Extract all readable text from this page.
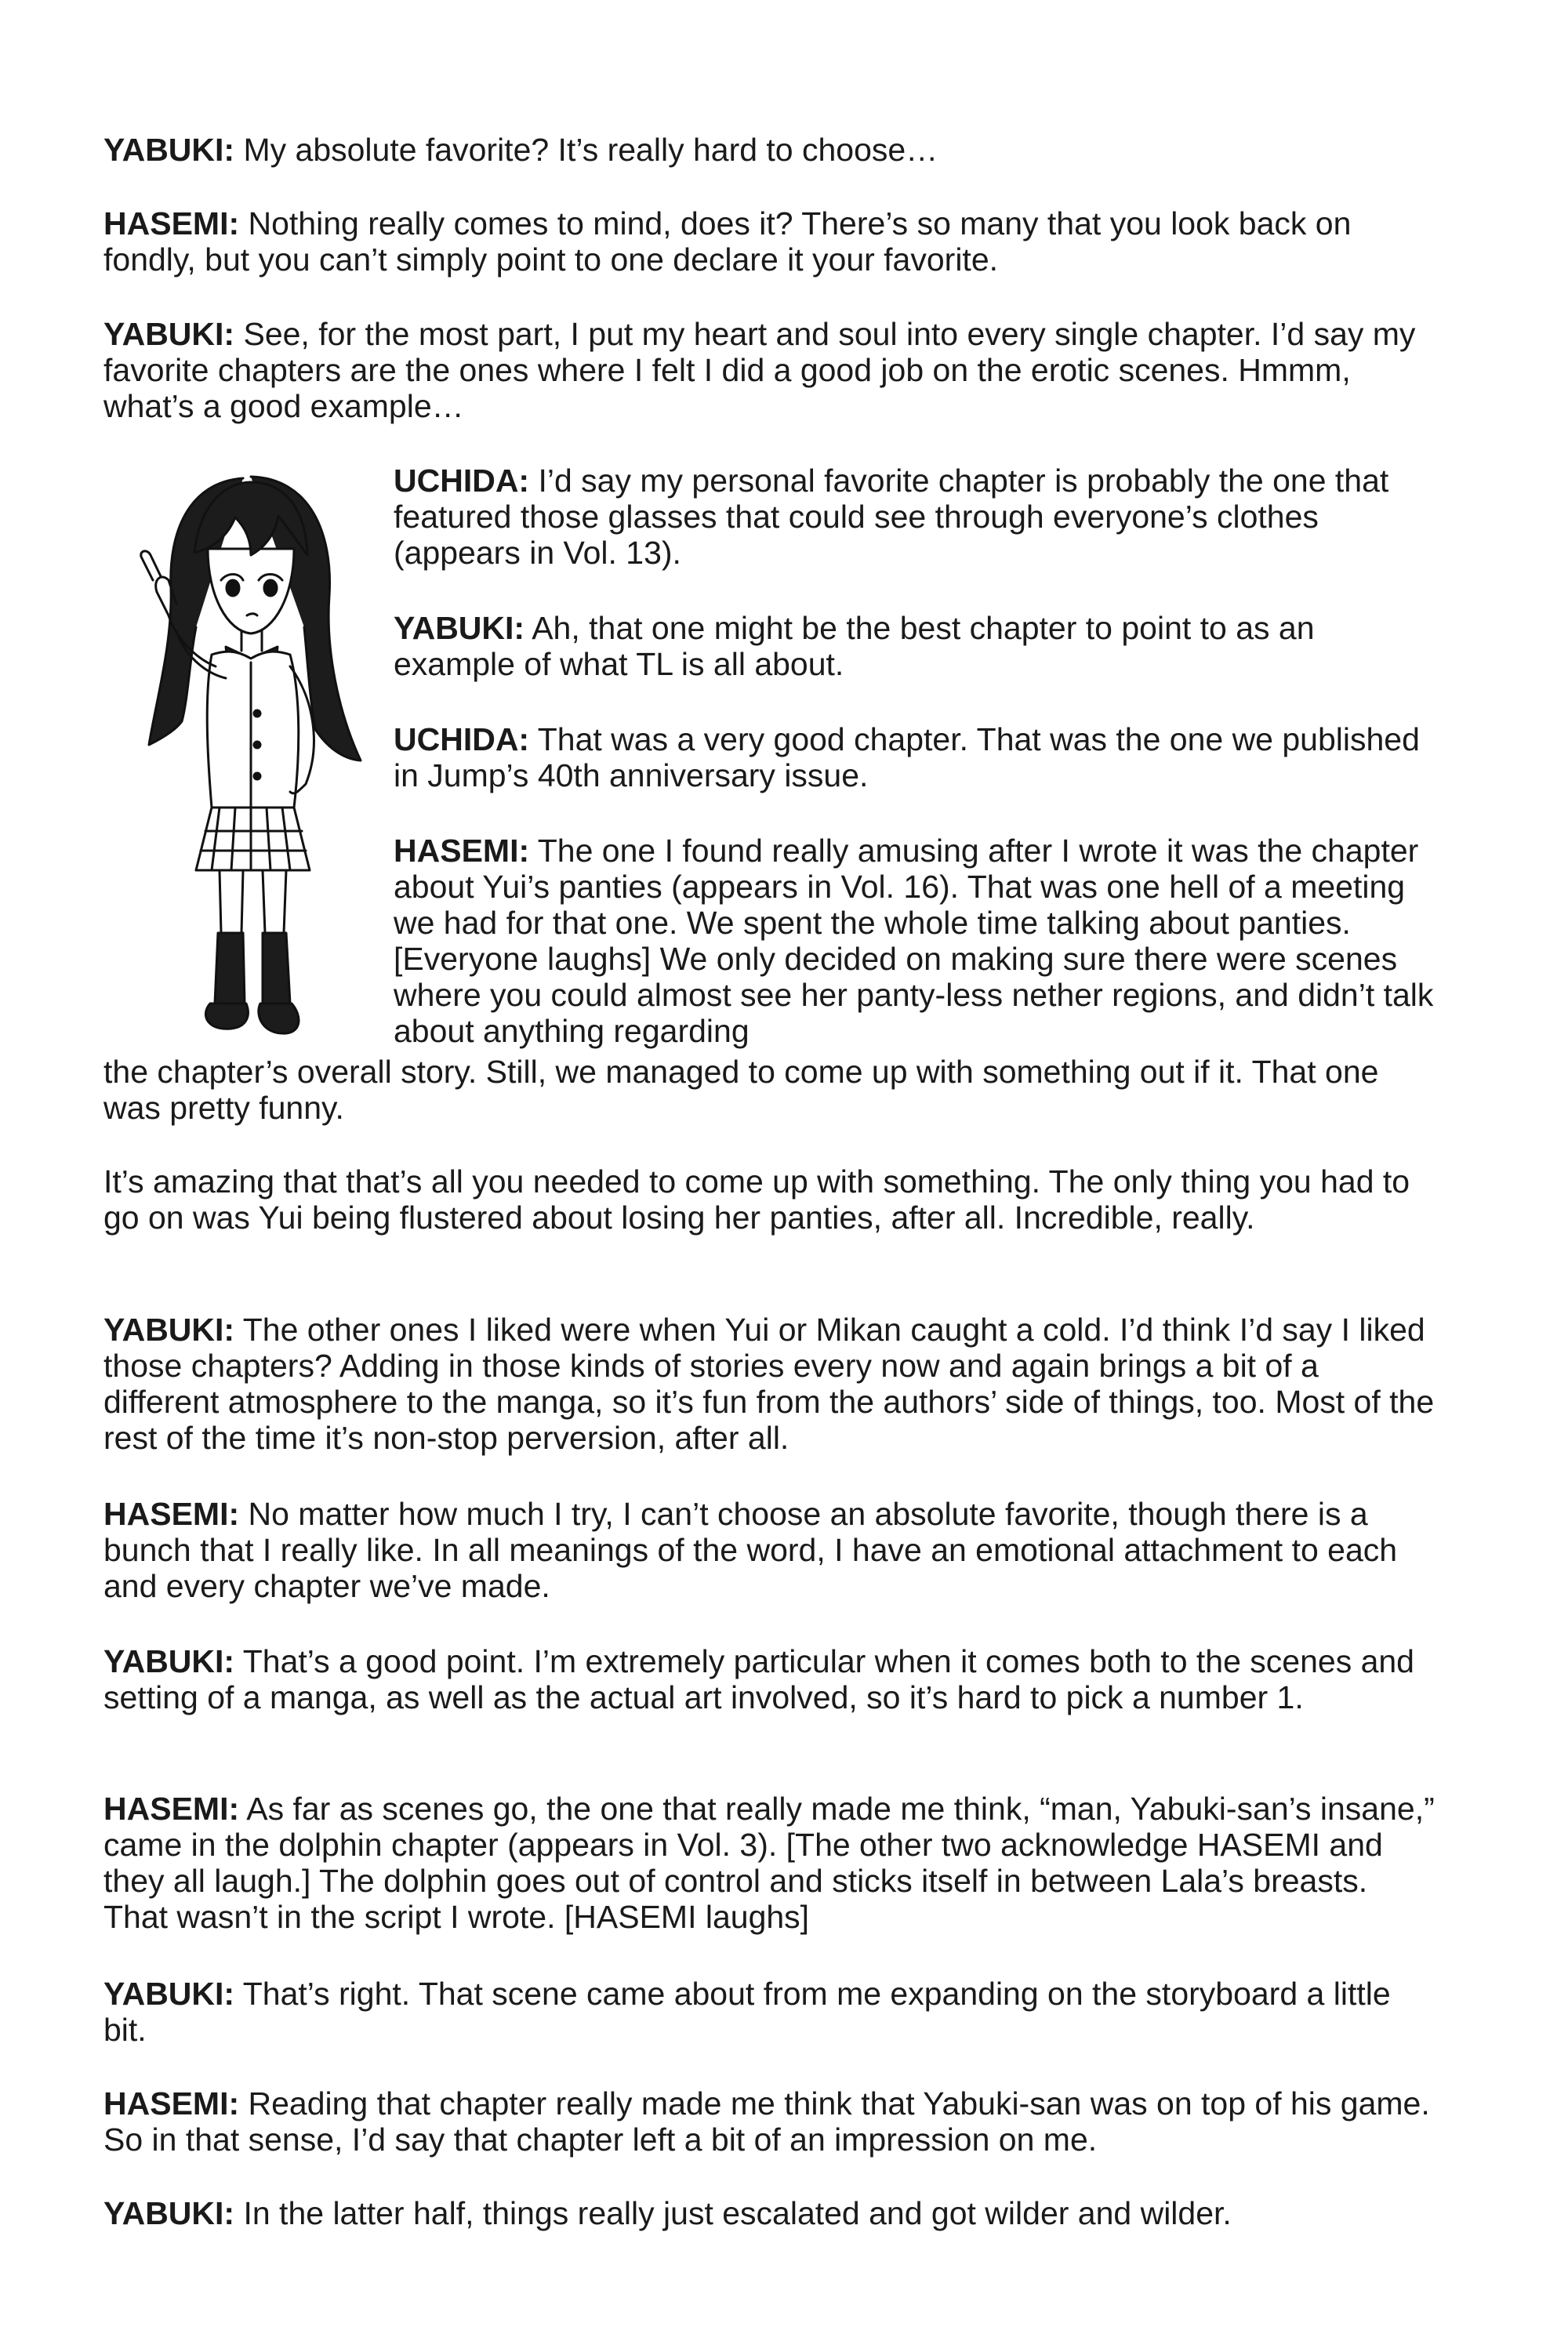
YABUKI: My absolute favorite? It’s really hard to choose…

HASEMI: Nothing really comes to mind, does it? There’s so many that you look back on fondly, but you can’t simply point to one declare it your favorite.

YABUKI: See, for the most part, I put my heart and soul into every single chapter. I’d say my favorite chapters are the ones where I felt I did a good job on the erotic scenes. Hmmm, what’s a good example…

UCHIDA: I’d say my personal favorite chapter is probably the one that featured those glasses that could see through everyone’s clothes (appears in Vol. 13).

YABUKI: Ah, that one might be the best chapter to point to as an example of what TL is all about.

UCHIDA: That was a very good chapter. That was the one we published in Jump’s 40th anniversary issue.

HASEMI: The one I found really amusing after I wrote it was the chapter about Yui’s panties (appears in Vol. 16). That was one hell of a meeting we had for that one. We spent the whole time talking about panties. [Everyone laughs] We only decided on making sure there were scenes where you could almost see her panty-less nether regions, and didn’t talk about anything regarding

the chapter’s overall story. Still, we managed to come up with something out if it. That one was pretty funny.

It’s amazing that that’s all you needed to come up with something. The only thing you had to go on was Yui being flustered about losing her panties, after all. Incredible, really.

YABUKI: The other ones I liked were when Yui or Mikan caught a cold. I’d think I’d say I liked those chapters? Adding in those kinds of stories every now and again brings a bit of a different atmosphere to the manga, so it’s fun from the authors’ side of things, too. Most of the rest of the time it’s non-stop perversion, after all.

HASEMI: No matter how much I try, I can’t choose an absolute favorite, though there is a bunch that I really like. In all meanings of the word, I have an emotional attachment to each and every chapter we’ve made.

YABUKI: That’s a good point. I’m extremely particular when it comes both to the scenes and setting of a manga, as well as the actual art involved, so it’s hard to pick a number 1.

HASEMI: As far as scenes go, the one that really made me think, “man, Yabuki-san’s insane,” came in the dolphin chapter (appears in Vol. 3). [The other two acknowledge HASEMI and they all laugh.] The dolphin goes out of control and sticks itself in between Lala’s breasts. That wasn’t in the script I wrote. [HASEMI laughs]

YABUKI: That’s right. That scene came about from me expanding on the storyboard a little bit.

HASEMI: Reading that chapter really made me think that Yabuki-san was on top of his game. So in that sense, I’d say that chapter left a bit of an impression on me.

YABUKI: In the latter half, things really just escalated and got wilder and wilder.
